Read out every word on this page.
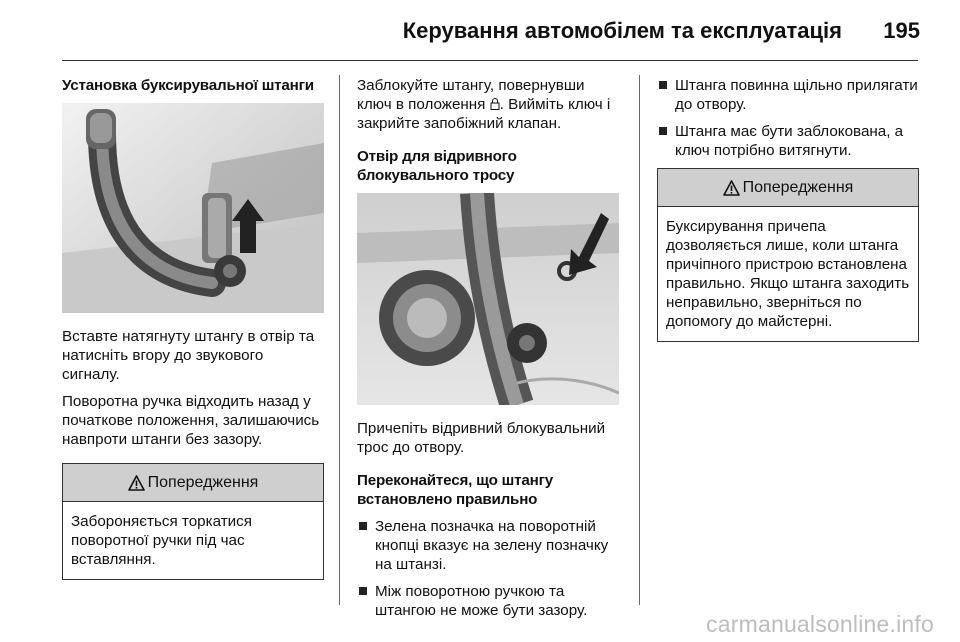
Керування автомобілем та експлуатація 195

Установка буксирувальної штанги

Вставте натягнуту штангу в отвір та натисніть вгору до звукового сигналу.

Поворотна ручка відходить назад у початкове положення, залишаючись навпроти штанги без зазору.

Попередження
Забороняється торкатися поворотної ручки під час вставляння.

Заблокуйте штангу, повернувши ключ в положення . Вийміть ключ і закрийте запобіжний клапан.

Отвір для відривного блокувального тросу

Причепіть відривний блокувальний трос до отвору.

Переконайтеся, що штангу встановлено правильно

Зелена позначка на поворотній кнопці вказує на зелену позначку на штанзі.
Між поворотною ручкою та штангою не може бути зазору.
Штанга повинна щільно прилягати до отвору.
Штанга має бути заблокована, а ключ потрібно витягнути.
Попередження
Буксирування причепа дозволяється лише, коли штанга причіпного пристрою встановлена правильно. Якщо штанга заходить неправильно, зверніться по допомогу до майстерні.
carmanualsonline.info
